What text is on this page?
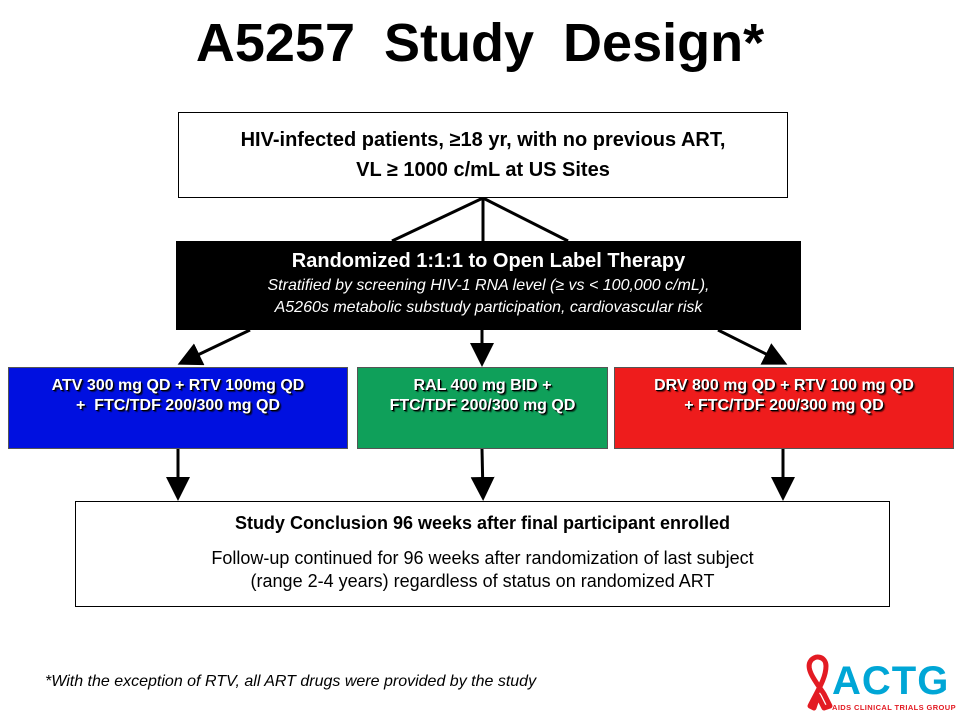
A5257 Study Design*
HIV-infected patients, ≥18 yr, with no previous ART,
VL ≥ 1000 c/mL at US Sites
Randomized 1:1:1 to Open Label Therapy
Stratified by screening HIV-1 RNA level (≥ vs < 100,000 c/mL),
A5260s metabolic substudy participation, cardiovascular risk
ATV 300 mg QD + RTV 100mg QD
+  FTC/TDF 200/300 mg QD
RAL 400 mg BID +
FTC/TDF 200/300 mg QD
DRV 800 mg QD + RTV 100 mg QD
+ FTC/TDF 200/300 mg QD
Study Conclusion 96 weeks after final participant enrolled
Follow-up continued for 96 weeks after randomization of last subject
(range 2-4 years) regardless of status on randomized ART
*With the exception of RTV, all ART drugs were provided by the study	ACTG
AIDS CLINICAL TRIALS GROUP
